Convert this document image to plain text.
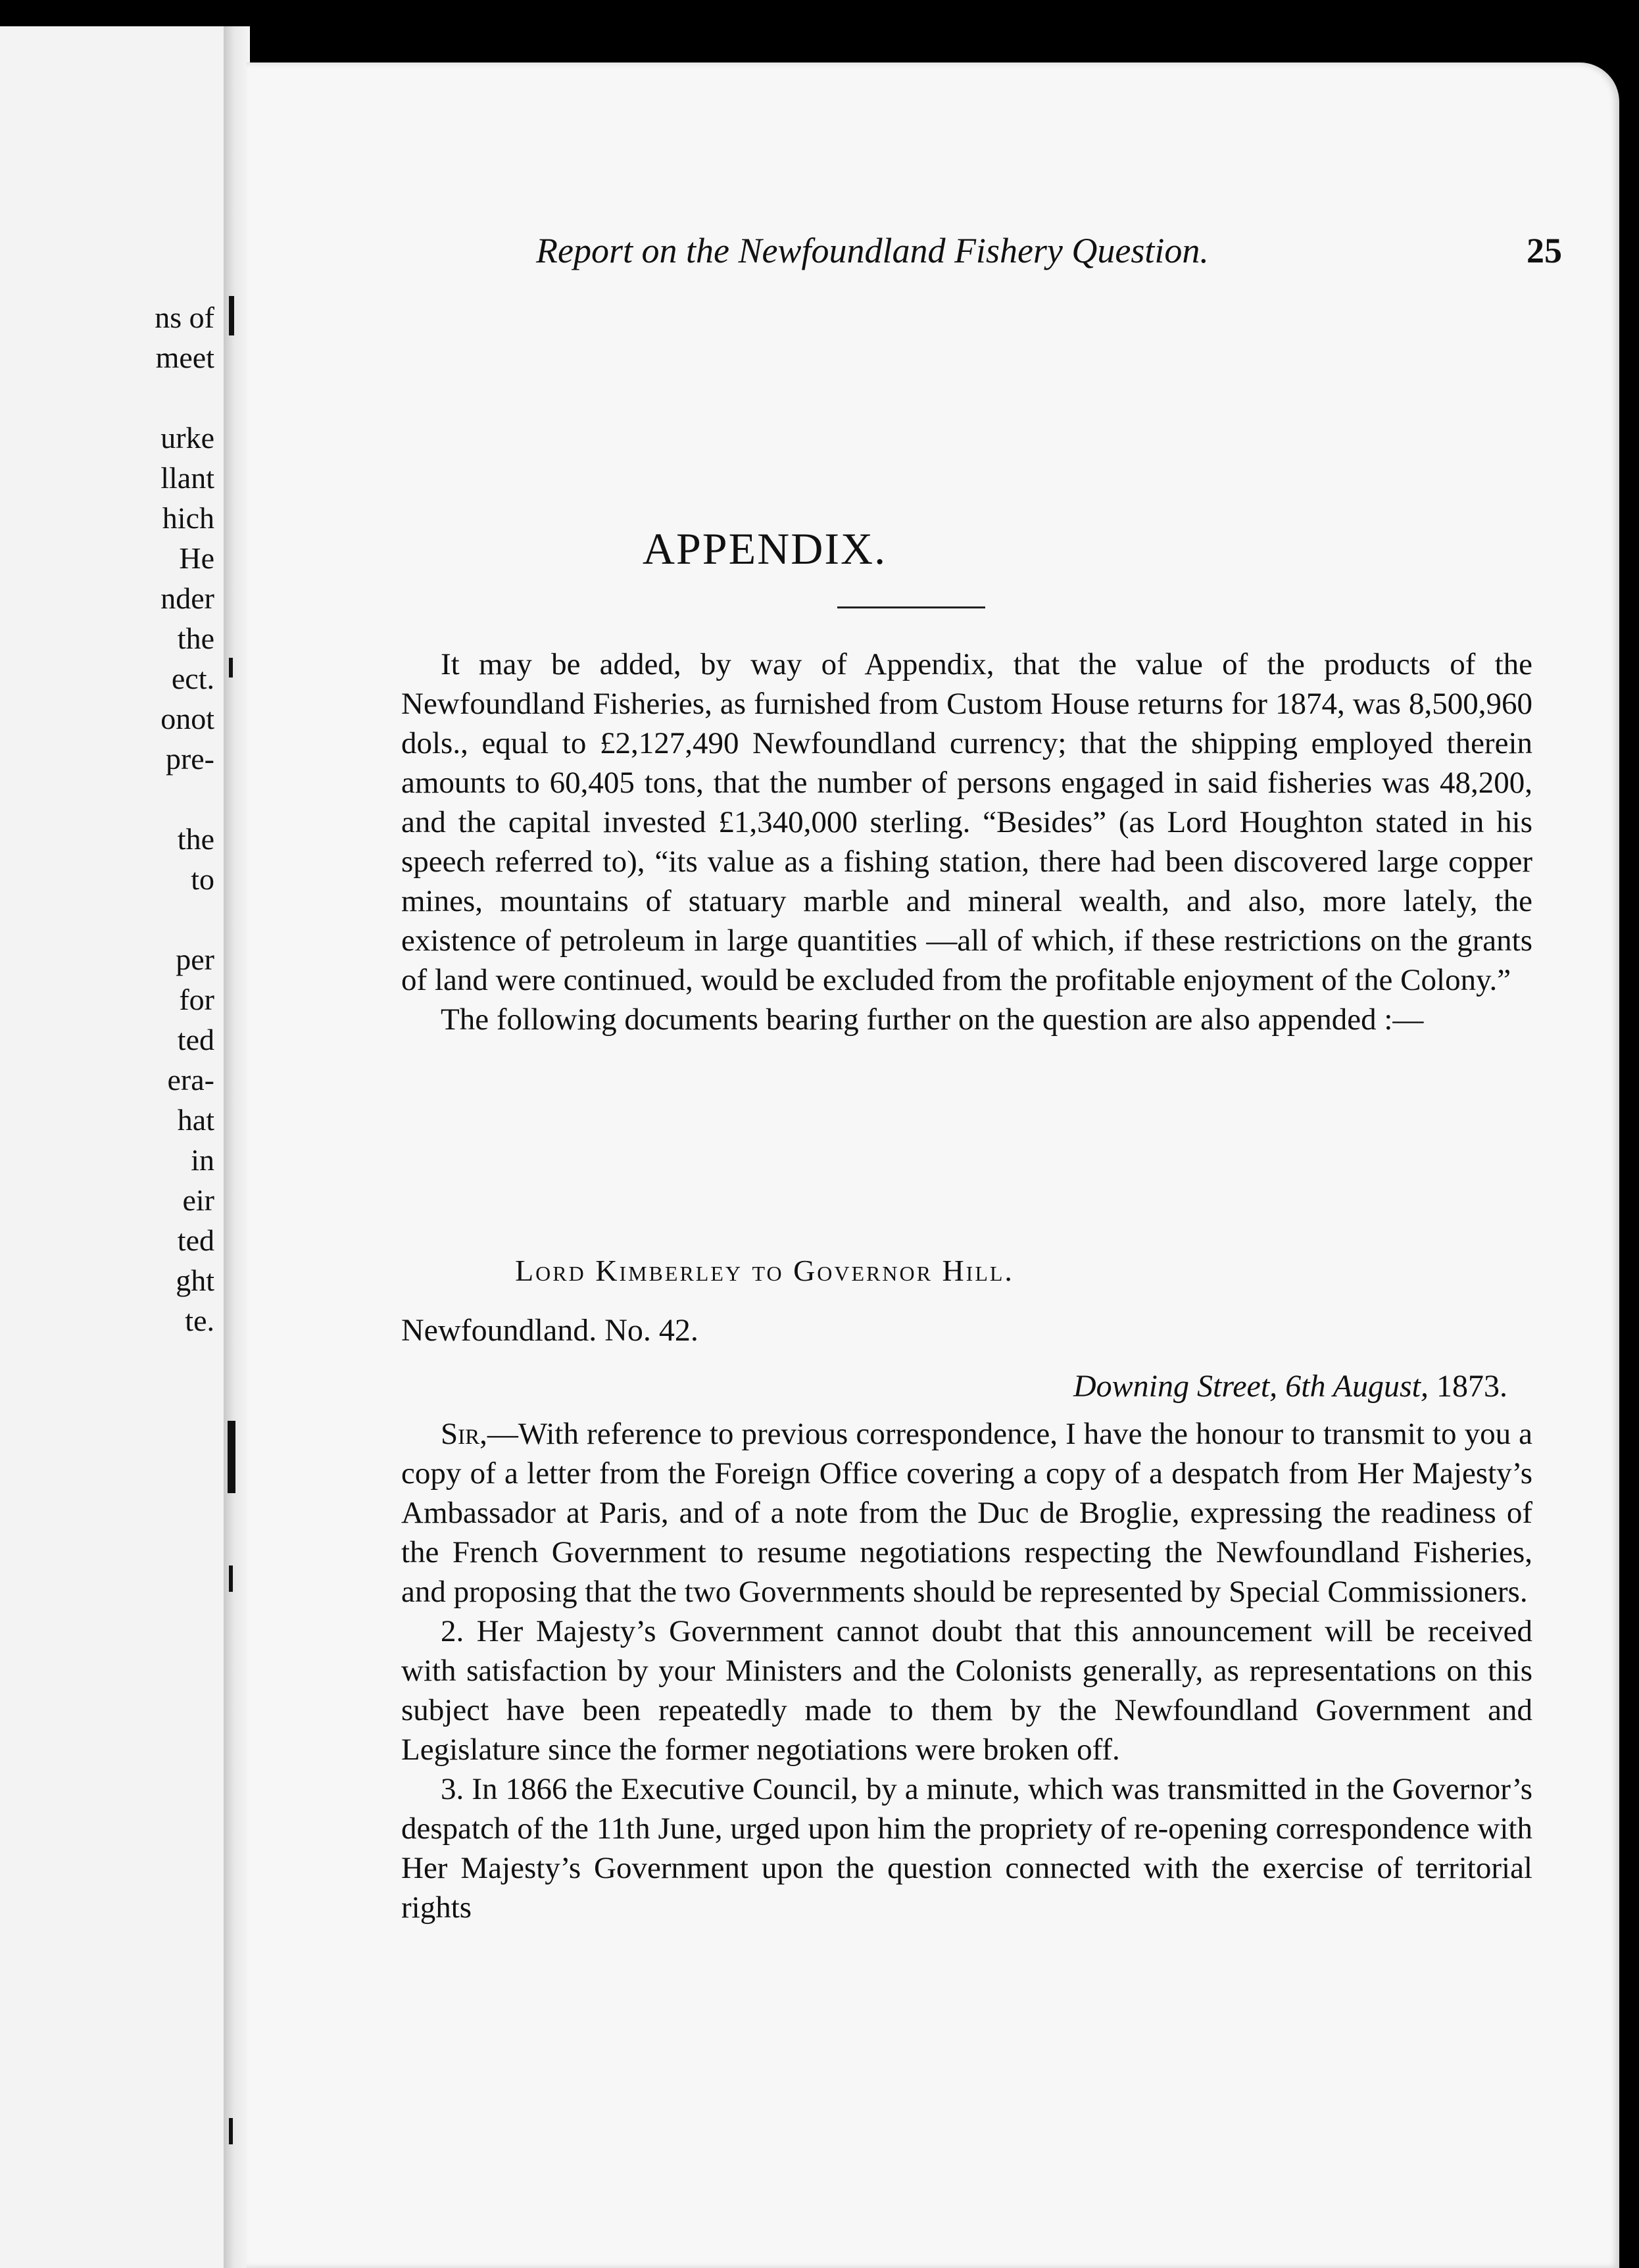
ns of
meet

urke
llant
hich
He
nder
the
ect.
onot
pre-

the
to

per
for
ted
era-
hat
in
eir
ted
ght
te.
Report on the Newfoundland Fishery Question.	25
APPENDIX.

It may be added, by way of Appendix, that the value of the products of the Newfoundland Fisheries, as furnished from Custom House returns for 1874, was 8,500,960 dols., equal to £2,127,490 Newfoundland currency; that the shipping employed therein amounts to 60,405 tons, that the number of persons engaged in said fisheries was 48,200, and the capital invested £1,340,000 sterling. “Besides” (as Lord Houghton stated in his speech referred to), “its value as a fishing station, there had been discovered large copper mines, mountains of statuary marble and mineral wealth, and also, more lately, the existence of petroleum in large quantities —all of which, if these restrictions on the grants of land were continued, would be excluded from the profitable enjoyment of the Colony.”

The following documents bearing further on the question are also appended :—

Lord Kimberley to Governor Hill.
Newfoundland. No. 42.
Downing Street, 6th August, 1873.

Sir,—With reference to previous correspondence, I have the honour to transmit to you a copy of a letter from the Foreign Office covering a copy of a despatch from Her Majesty’s Ambassador at Paris, and of a note from the Duc de Broglie, expressing the readiness of the French Government to resume negotiations respecting the Newfoundland Fisheries, and proposing that the two Governments should be represented by Special Commissioners.

2. Her Majesty’s Government cannot doubt that this announcement will be received with satisfaction by your Ministers and the Colonists generally, as representations on this subject have been repeatedly made to them by the Newfoundland Government and Legislature since the former negotiations were broken off.

3. In 1866 the Executive Council, by a minute, which was transmitted in the Governor’s despatch of the 11th June, urged upon him the propriety of re-opening correspondence with Her Majesty’s Government upon the question connected with the exercise of territorial rights
